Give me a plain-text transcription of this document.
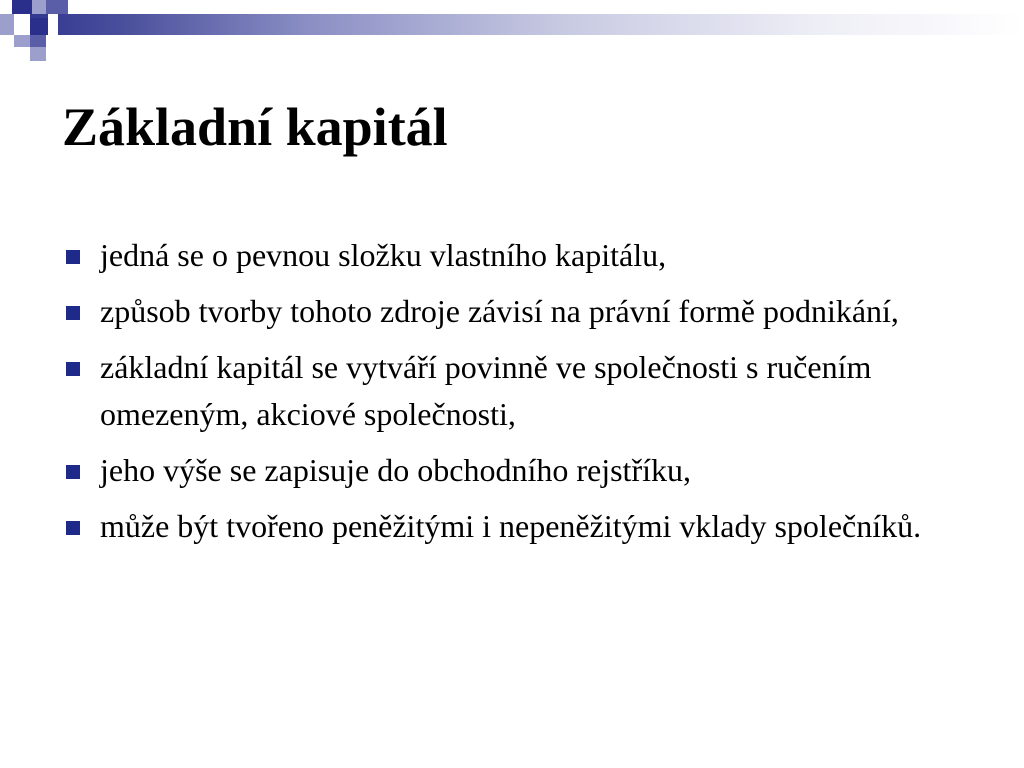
Základní kapitál
jedná se o pevnou složku vlastního kapitálu,
způsob tvorby tohoto zdroje závisí na právní formě podnikání,
základní kapitál se vytváří povinně ve společnosti s ručením omezeným, akciové společnosti,
jeho výše se zapisuje do obchodního rejstříku,
může být tvořeno peněžitými i nepeněžitými vklady společníků.
